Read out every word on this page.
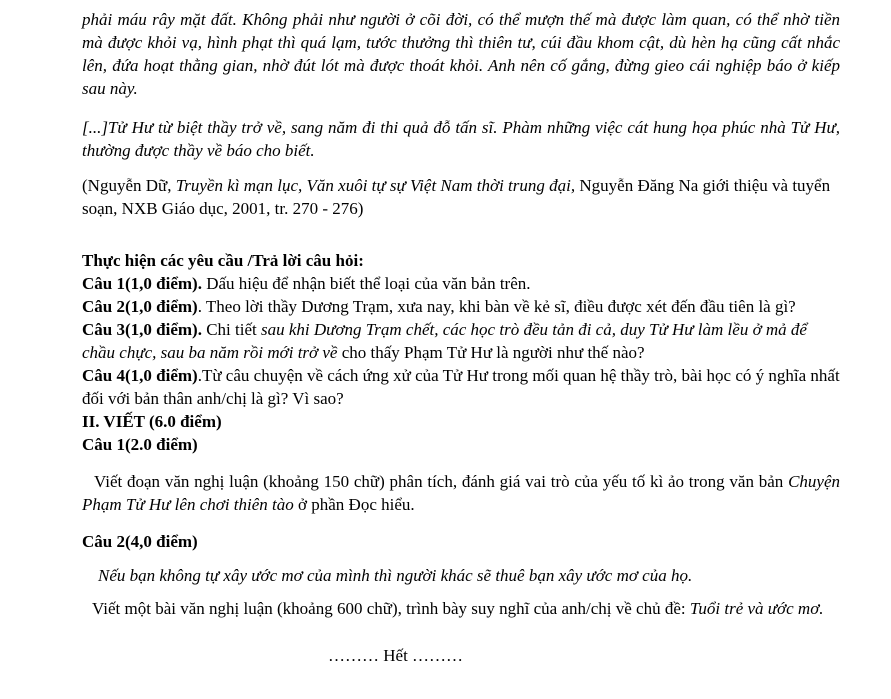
phải máu rây mặt đất. Không phải như người ở cõi đời, có thể mượn thế mà được làm quan, có thể nhờ tiền mà được khỏi vạ, hình phạt thì quá lạm, tước thưởng thì thiên tư, cúi đầu khom cật, dù hèn hạ cũng cất nhắc lên, đứa hoạt thằng gian, nhờ đút lót mà được thoát khỏi. Anh nên cố gắng, đừng gieo cái nghiệp báo ở kiếp sau này.

[...]Tử Hư từ biệt thầy trở về, sang năm đi thi quả đỗ tấn sĩ. Phàm những việc cát hung họa phúc nhà Tử Hư, thường được thầy về báo cho biết.

(Nguyễn Dữ, Truyền kì mạn lục, Văn xuôi tự sự Việt Nam thời trung đại, Nguyễn Đăng Na giới thiệu và tuyển soạn, NXB Giáo dục, 2001, tr. 270 - 276)

Thực hiện các yêu cầu /Trả lời câu hỏi:

Câu 1(1,0 điểm). Dấu hiệu để nhận biết thể loại của văn bản trên.

Câu 2(1,0 điểm). Theo lời thầy Dương Trạm, xưa nay, khi bàn về kẻ sĩ, điều được xét đến đầu tiên là gì?

Câu 3(1,0 điểm). Chi tiết sau khi Dương Trạm chết, các học trò đều tản đi cả, duy Tử Hư làm lều ở mả để chầu chực, sau ba năm rồi mới trở về cho thấy Phạm Tử Hư là người như thế nào?

Câu 4(1,0 điểm).Từ câu chuyện về cách ứng xử của Tử Hư trong mối quan hệ thầy trò, bài học có ý nghĩa nhất đối với bản thân anh/chị là gì? Vì sao?

II. VIẾT (6.0 điểm)

Câu 1(2.0 điểm)

Viết đoạn văn nghị luận (khoảng 150 chữ) phân tích, đánh giá vai trò của yếu tố kì ảo trong văn bản Chuyện Phạm Tử Hư lên chơi thiên tào ở phần Đọc hiểu.

Câu 2(4,0 điểm)

Nếu bạn không tự xây ước mơ của mình thì người khác sẽ thuê bạn xây ước mơ của họ.

Viết một bài văn nghị luận (khoảng 600 chữ), trình bày suy nghĩ của anh/chị về chủ đề: Tuổi trẻ và ước mơ.

……… Hết ………
